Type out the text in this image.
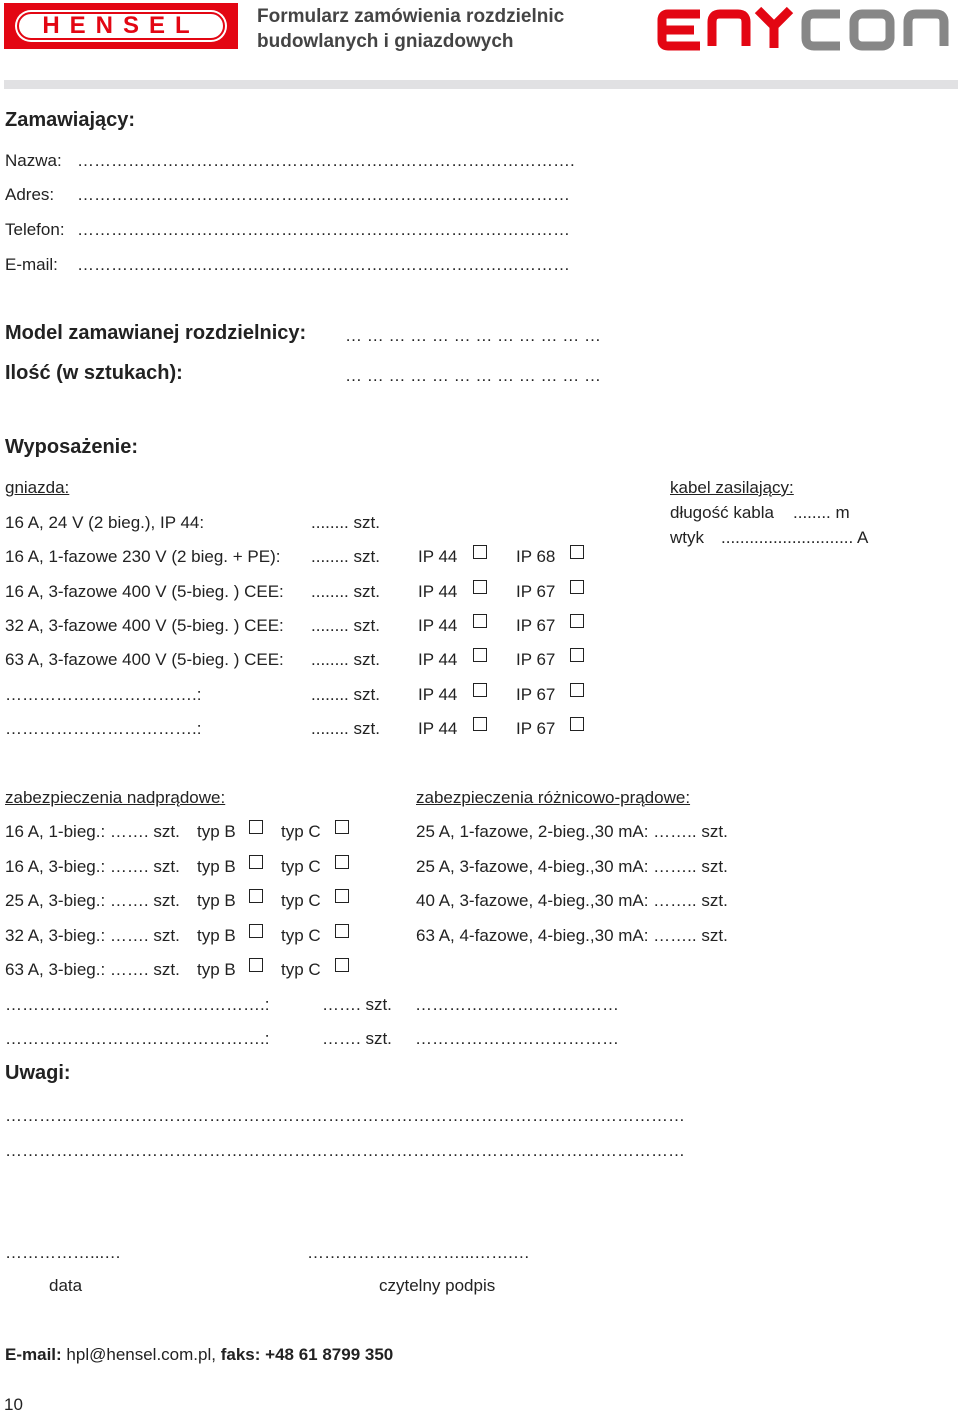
HENSEL	Formularz zamówienia rozdzielnic
budowlanych i gniazdowych
Zamawiający:
Nazwa: …………………………………………………………………………….
Adres: ……………………………………………………………………………
Telefon: ……………………………………………………………………………
E-mail: ……………………………………………………………………………
Model zamawianej rozdzielnicy: … … … … … … … … … … … …
Ilość (w sztukach):	… … … … … … … … … … … …
Wyposażenie:
gniazda:
16 A, 24 V (2 bieg.), IP 44:	........ szt.
16 A, 1-fazowe 230 V (2 bieg. + PE): ........ szt. IP 44	IP 68
16 A, 3-fazowe 400 V (5-bieg. ) CEE: ........ szt. IP 44	IP 67
32 A, 3-fazowe 400 V (5-bieg. ) CEE: ........ szt. IP 44	IP 67
63 A, 3-fazowe 400 V (5-bieg. ) CEE: ........ szt. IP 44	IP 67
…………………………….:	........ szt. IP 44	IP 67
…………………………….:	........ szt. IP 44	IP 67
kabel zasilający:
długość kabla ........ m
wtyk ............................ A
zabezpieczenia nadprądowe:
16 A, 1-bieg.: ……. szt. typ B	typ C
16 A, 3-bieg.: ……. szt. typ B	typ C
25 A, 3-bieg.: ……. szt. typ B	typ C
32 A, 3-bieg.: ……. szt. typ B	typ C
63 A, 3-bieg.: ……. szt. typ B	typ C
zabezpieczenia różnicowo-prądowe:
25 A, 1-fazowe, 2-bieg.,30 mA: …….. szt.
25 A, 3-fazowe, 4-bieg.,30 mA: …….. szt.
40 A, 3-fazowe, 4-bieg.,30 mA: …….. szt.
63 A, 4-fazowe, 4-bieg.,30 mA: …….. szt.
……………………………………….:	……. szt. ………………………………
……………………………………….:	……. szt. ………………………………
Uwagi:
…………………………………………………………………………………………………………
…………………………………………………………………………………………………………
……………...…	………………………...…….…
data	czytelny podpis
E-mail: hpl@hensel.com.pl, faks: +48 61 8799 350
10
